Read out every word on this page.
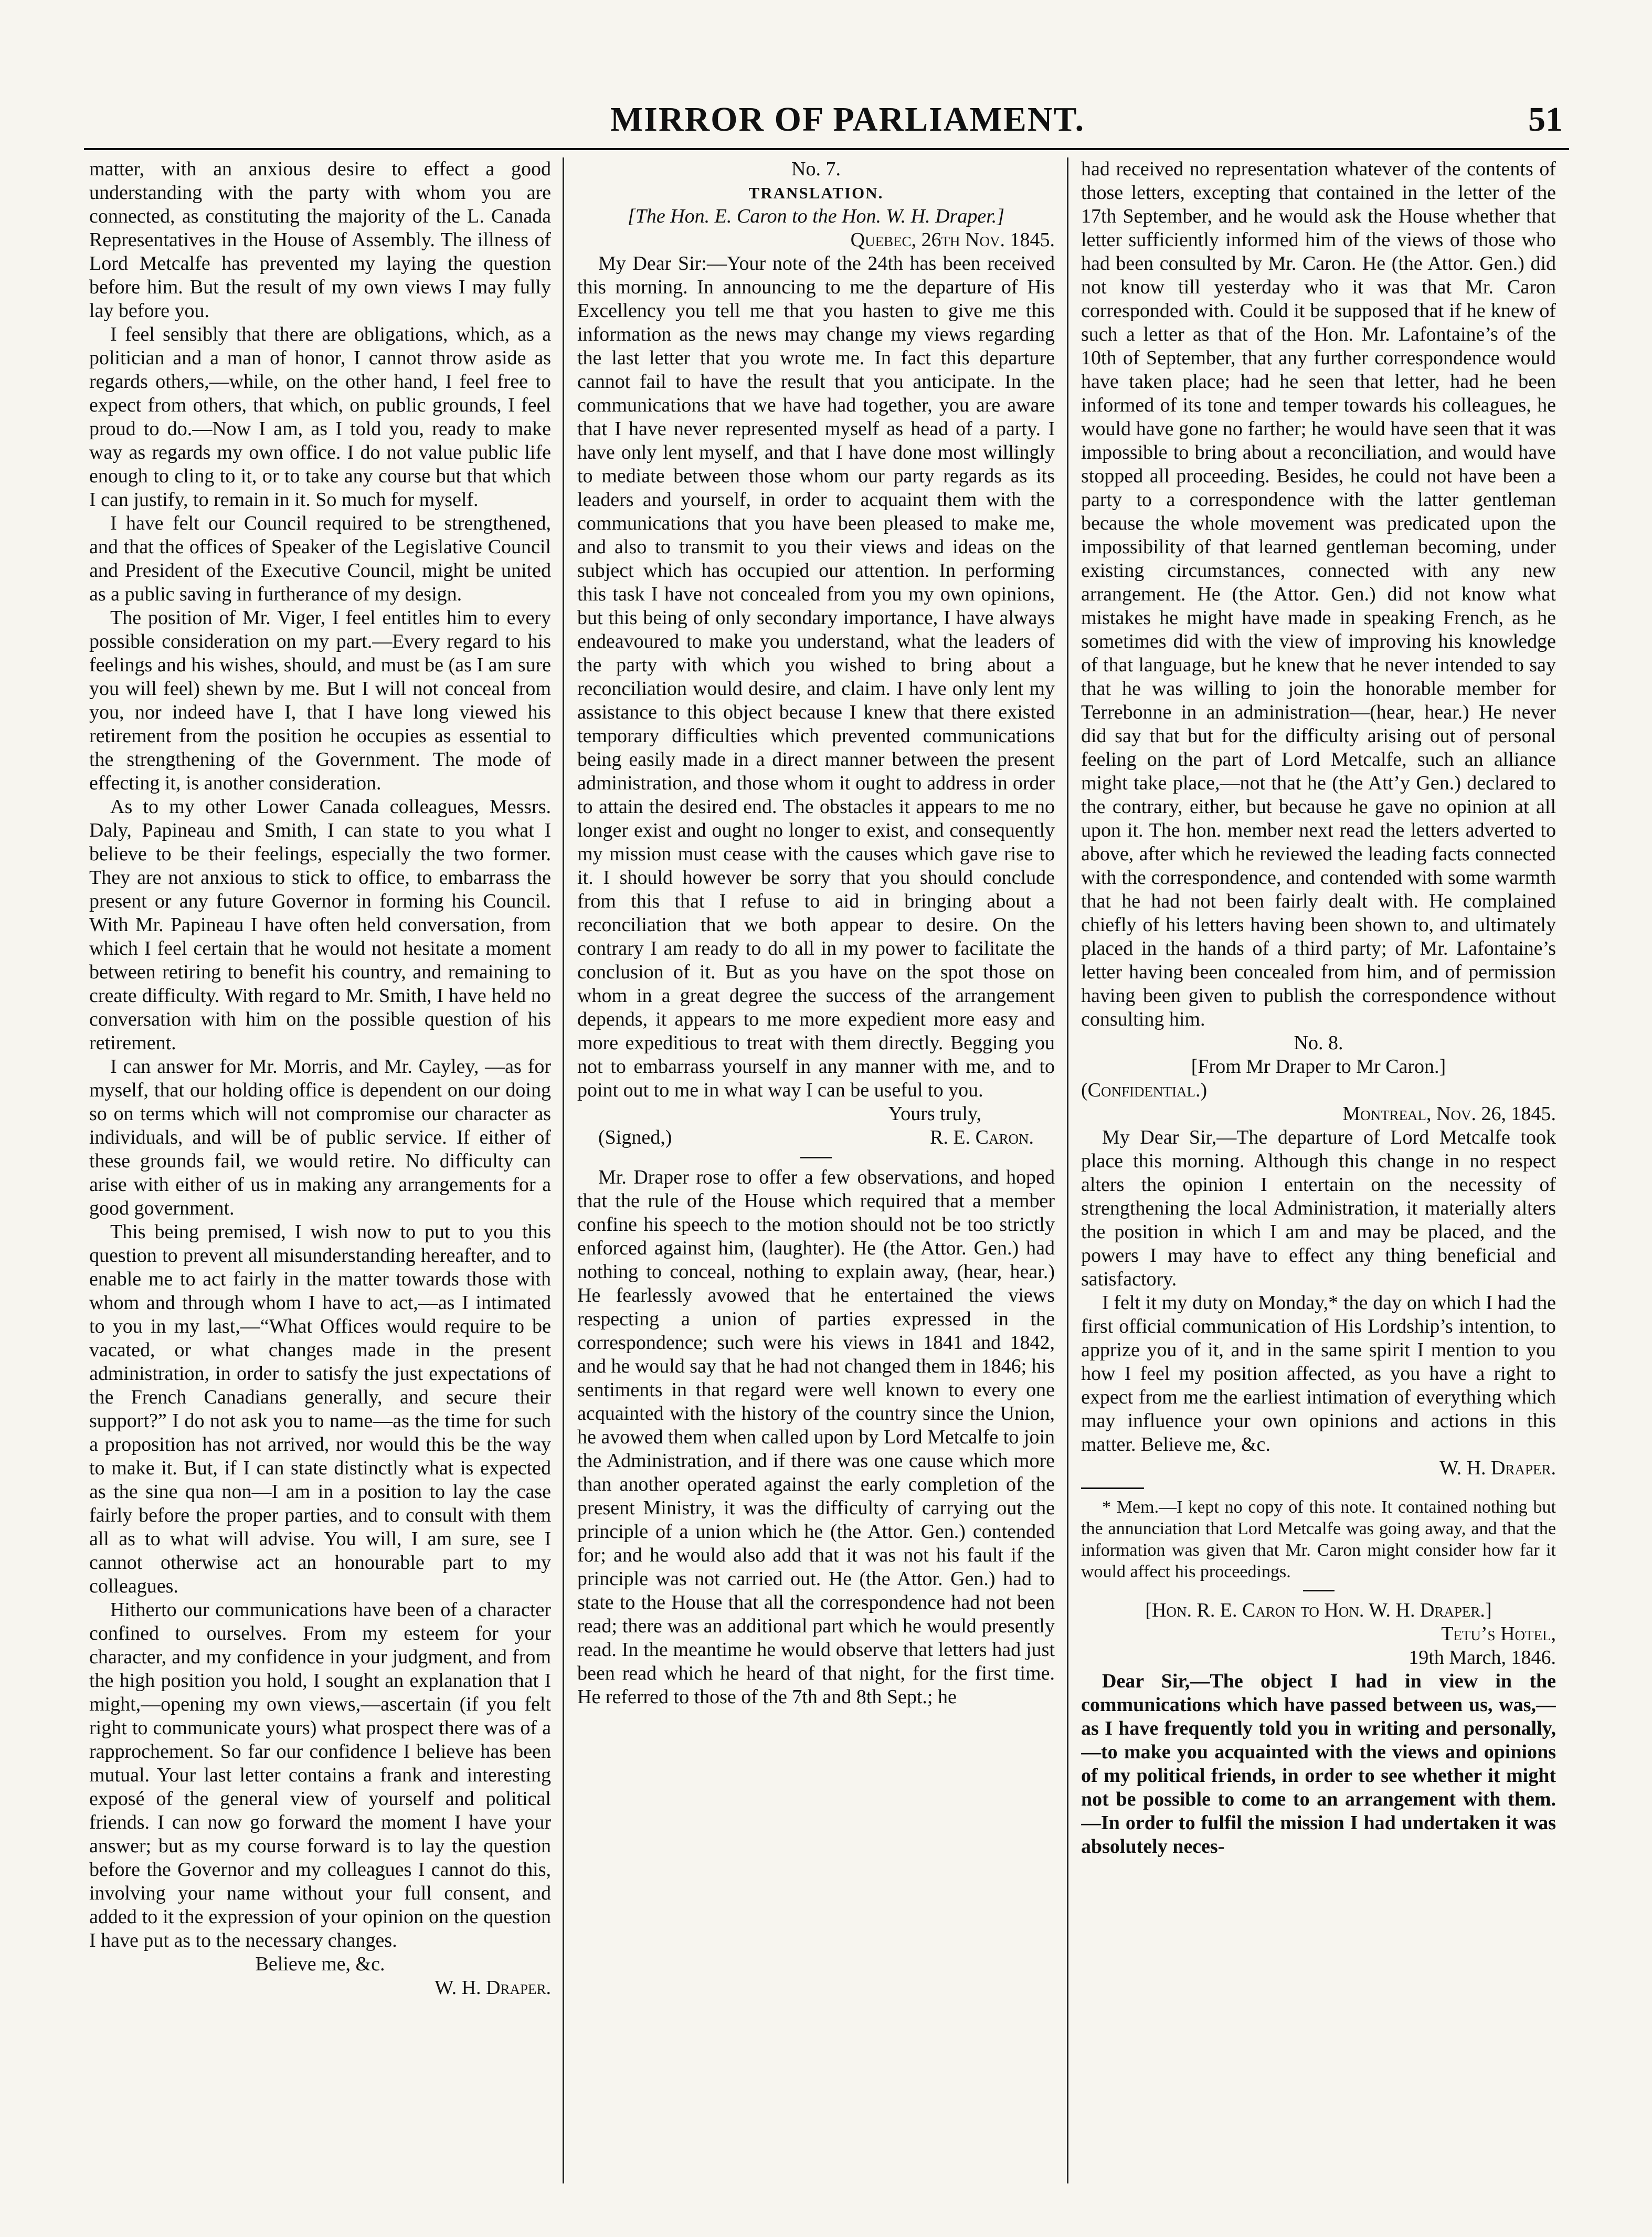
MIRROR OF PARLIAMENT.	51

matter, with an anxious desire to effect a good understanding with the party with whom you are connected, as constituting the majority of the L. Canada Representatives in the House of Assembly. The illness of Lord Metcalfe has prevented my laying the question before him. But the result of my own views I may fully lay before you.

I feel sensibly that there are obligations, which, as a politician and a man of honor, I cannot throw aside as regards others,—while, on the other hand, I feel free to expect from others, that which, on public grounds, I feel proud to do.—Now I am, as I told you, ready to make way as regards my own office. I do not value public life enough to cling to it, or to take any course but that which I can justify, to remain in it. So much for myself.

I have felt our Council required to be strengthened, and that the offices of Speaker of the Legislative Council and President of the Executive Council, might be united as a public saving in furtherance of my design.

The position of Mr. Viger, I feel entitles him to every possible consideration on my part.—Every regard to his feelings and his wishes, should, and must be (as I am sure you will feel) shewn by me. But I will not conceal from you, nor indeed have I, that I have long viewed his retirement from the position he occupies as essential to the strengthening of the Government. The mode of effecting it, is another consideration.

As to my other Lower Canada colleagues, Messrs. Daly, Papineau and Smith, I can state to you what I believe to be their feelings, especially the two former. They are not anxious to stick to office, to embarrass the present or any future Governor in forming his Council. With Mr. Papineau I have often held conversation, from which I feel certain that he would not hesitate a moment between retiring to benefit his country, and remaining to create difficulty. With regard to Mr. Smith, I have held no conversation with him on the possible question of his retirement.

I can answer for Mr. Morris, and Mr. Cayley, —as for myself, that our holding office is dependent on our doing so on terms which will not compromise our character as individuals, and will be of public service. If either of these grounds fail, we would retire. No difficulty can arise with either of us in making any arrangements for a good government.

This being premised, I wish now to put to you this question to prevent all misunderstanding hereafter, and to enable me to act fairly in the matter towards those with whom and through whom I have to act,—as I intimated to you in my last,—“What Offices would require to be vacated, or what changes made in the present administration, in order to satisfy the just expectations of the French Canadians generally, and secure their support?” I do not ask you to name—as the time for such a proposition has not arrived, nor would this be the way to make it. But, if I can state distinctly what is expected as the sine qua non—I am in a position to lay the case fairly before the proper parties, and to consult with them all as to what will advise. You will, I am sure, see I cannot otherwise act an honourable part to my colleagues.

Hitherto our communications have been of a character confined to ourselves. From my esteem for your character, and my confidence in your judgment, and from the high position you hold, I sought an explanation that I might,—opening my own views,—ascertain (if you felt right to communicate yours) what prospect there was of a rapprochement. So far our confidence I believe has been mutual. Your last letter contains a frank and interesting exposé of the general view of yourself and political friends. I can now go forward the moment I have your answer; but as my course forward is to lay the question before the Governor and my colleagues I cannot do this, involving your name without your full consent, and added to it the expression of your opinion on the question I have put as to the necessary changes.

Believe me, &c.

W. H. Draper.

No. 7.

TRANSLATION.

[The Hon. E. Caron to the Hon. W. H. Draper.]

Quebec, 26th Nov. 1845.

My Dear Sir:—Your note of the 24th has been received this morning. In announcing to me the departure of His Excellency you tell me that you hasten to give me this information as the news may change my views regarding the last letter that you wrote me. In fact this departure cannot fail to have the result that you anticipate. In the communications that we have had together, you are aware that I have never represented myself as head of a party. I have only lent myself, and that I have done most willingly to mediate between those whom our party regards as its leaders and yourself, in order to acquaint them with the communications that you have been pleased to make me, and also to transmit to you their views and ideas on the subject which has occupied our attention. In performing this task I have not concealed from you my own opinions, but this being of only secondary importance, I have always endeavoured to make you understand, what the leaders of the party with which you wished to bring about a reconciliation would desire, and claim. I have only lent my assistance to this object because I knew that there existed temporary difficulties which prevented communications being easily made in a direct manner between the present administration, and those whom it ought to address in order to attain the desired end. The obstacles it appears to me no longer exist and ought no longer to exist, and consequently my mission must cease with the causes which gave rise to it. I should however be sorry that you should conclude from this that I refuse to aid in bringing about a reconciliation that we both appear to desire. On the contrary I am ready to do all in my power to facilitate the conclusion of it. But as you have on the spot those on whom in a great degree the success of the arrangement depends, it appears to me more expedient more easy and more expeditious to treat with them directly. Begging you not to embarrass yourself in any manner with me, and to point out to me in what way I can be useful to you.

Yours truly,

(Signed,)	R. E. Caron.

Mr. Draper rose to offer a few observations, and hoped that the rule of the House which required that a member confine his speech to the motion should not be too strictly enforced against him, (laughter). He (the Attor. Gen.) had nothing to conceal, nothing to explain away, (hear, hear.) He fearlessly avowed that he entertained the views respecting a union of parties expressed in the correspondence; such were his views in 1841 and 1842, and he would say that he had not changed them in 1846; his sentiments in that regard were well known to every one acquainted with the history of the country since the Union, he avowed them when called upon by Lord Metcalfe to join the Administration, and if there was one cause which more than another operated against the early completion of the present Ministry, it was the difficulty of carrying out the principle of a union which he (the Attor. Gen.) contended for; and he would also add that it was not his fault if the principle was not carried out. He (the Attor. Gen.) had to state to the House that all the correspondence had not been read; there was an additional part which he would presently read. In the meantime he would observe that letters had just been read which he heard of that night, for the first time. He referred to those of the 7th and 8th Sept.; he

had received no representation whatever of the contents of those letters, excepting that contained in the letter of the 17th September, and he would ask the House whether that letter sufficiently informed him of the views of those who had been consulted by Mr. Caron. He (the Attor. Gen.) did not know till yesterday who it was that Mr. Caron corresponded with. Could it be supposed that if he knew of such a letter as that of the Hon. Mr. Lafontaine’s of the 10th of September, that any further correspondence would have taken place; had he seen that letter, had he been informed of its tone and temper towards his colleagues, he would have gone no farther; he would have seen that it was impossible to bring about a reconciliation, and would have stopped all proceeding. Besides, he could not have been a party to a correspondence with the latter gentleman because the whole movement was predicated upon the impossibility of that learned gentleman becoming, under existing circumstances, connected with any new arrangement. He (the Attor. Gen.) did not know what mistakes he might have made in speaking French, as he sometimes did with the view of improving his knowledge of that language, but he knew that he never intended to say that he was willing to join the honorable member for Terrebonne in an administration—(hear, hear.) He never did say that but for the difficulty arising out of personal feeling on the part of Lord Metcalfe, such an alliance might take place,—not that he (the Att’y Gen.) declared to the contrary, either, but because he gave no opinion at all upon it. The hon. member next read the letters adverted to above, after which he reviewed the leading facts connected with the correspondence, and contended with some warmth that he had not been fairly dealt with. He complained chiefly of his letters having been shown to, and ultimately placed in the hands of a third party; of Mr. Lafontaine’s letter having been concealed from him, and of permission having been given to publish the correspondence without consulting him.

No. 8.

[From Mr Draper to Mr Caron.]

(Confidential.)

Montreal, Nov. 26, 1845.

My Dear Sir,—The departure of Lord Metcalfe took place this morning. Although this change in no respect alters the opinion I entertain on the necessity of strengthening the local Administration, it materially alters the position in which I am and may be placed, and the powers I may have to effect any thing beneficial and satisfactory.

I felt it my duty on Monday,* the day on which I had the first official communication of His Lordship’s intention, to apprize you of it, and in the same spirit I mention to you how I feel my position affected, as you have a right to expect from me the earliest intimation of everything which may influence your own opinions and actions in this matter. Believe me, &c.

W. H. Draper.

* Mem.—I kept no copy of this note. It contained nothing but the annunciation that Lord Metcalfe was going away, and that the information was given that Mr. Caron might consider how far it would affect his proceedings.

[Hon. R. E. Caron to Hon. W. H. Draper.]

Tetu’s Hotel,

19th March, 1846.

Dear Sir,—The object I had in view in the communications which have passed between us, was,—as I have frequently told you in writing and personally,—to make you acquainted with the views and opinions of my political friends, in order to see whether it might not be possible to come to an arrangement with them.—In order to fulfil the mission I had undertaken it was absolutely neces-
